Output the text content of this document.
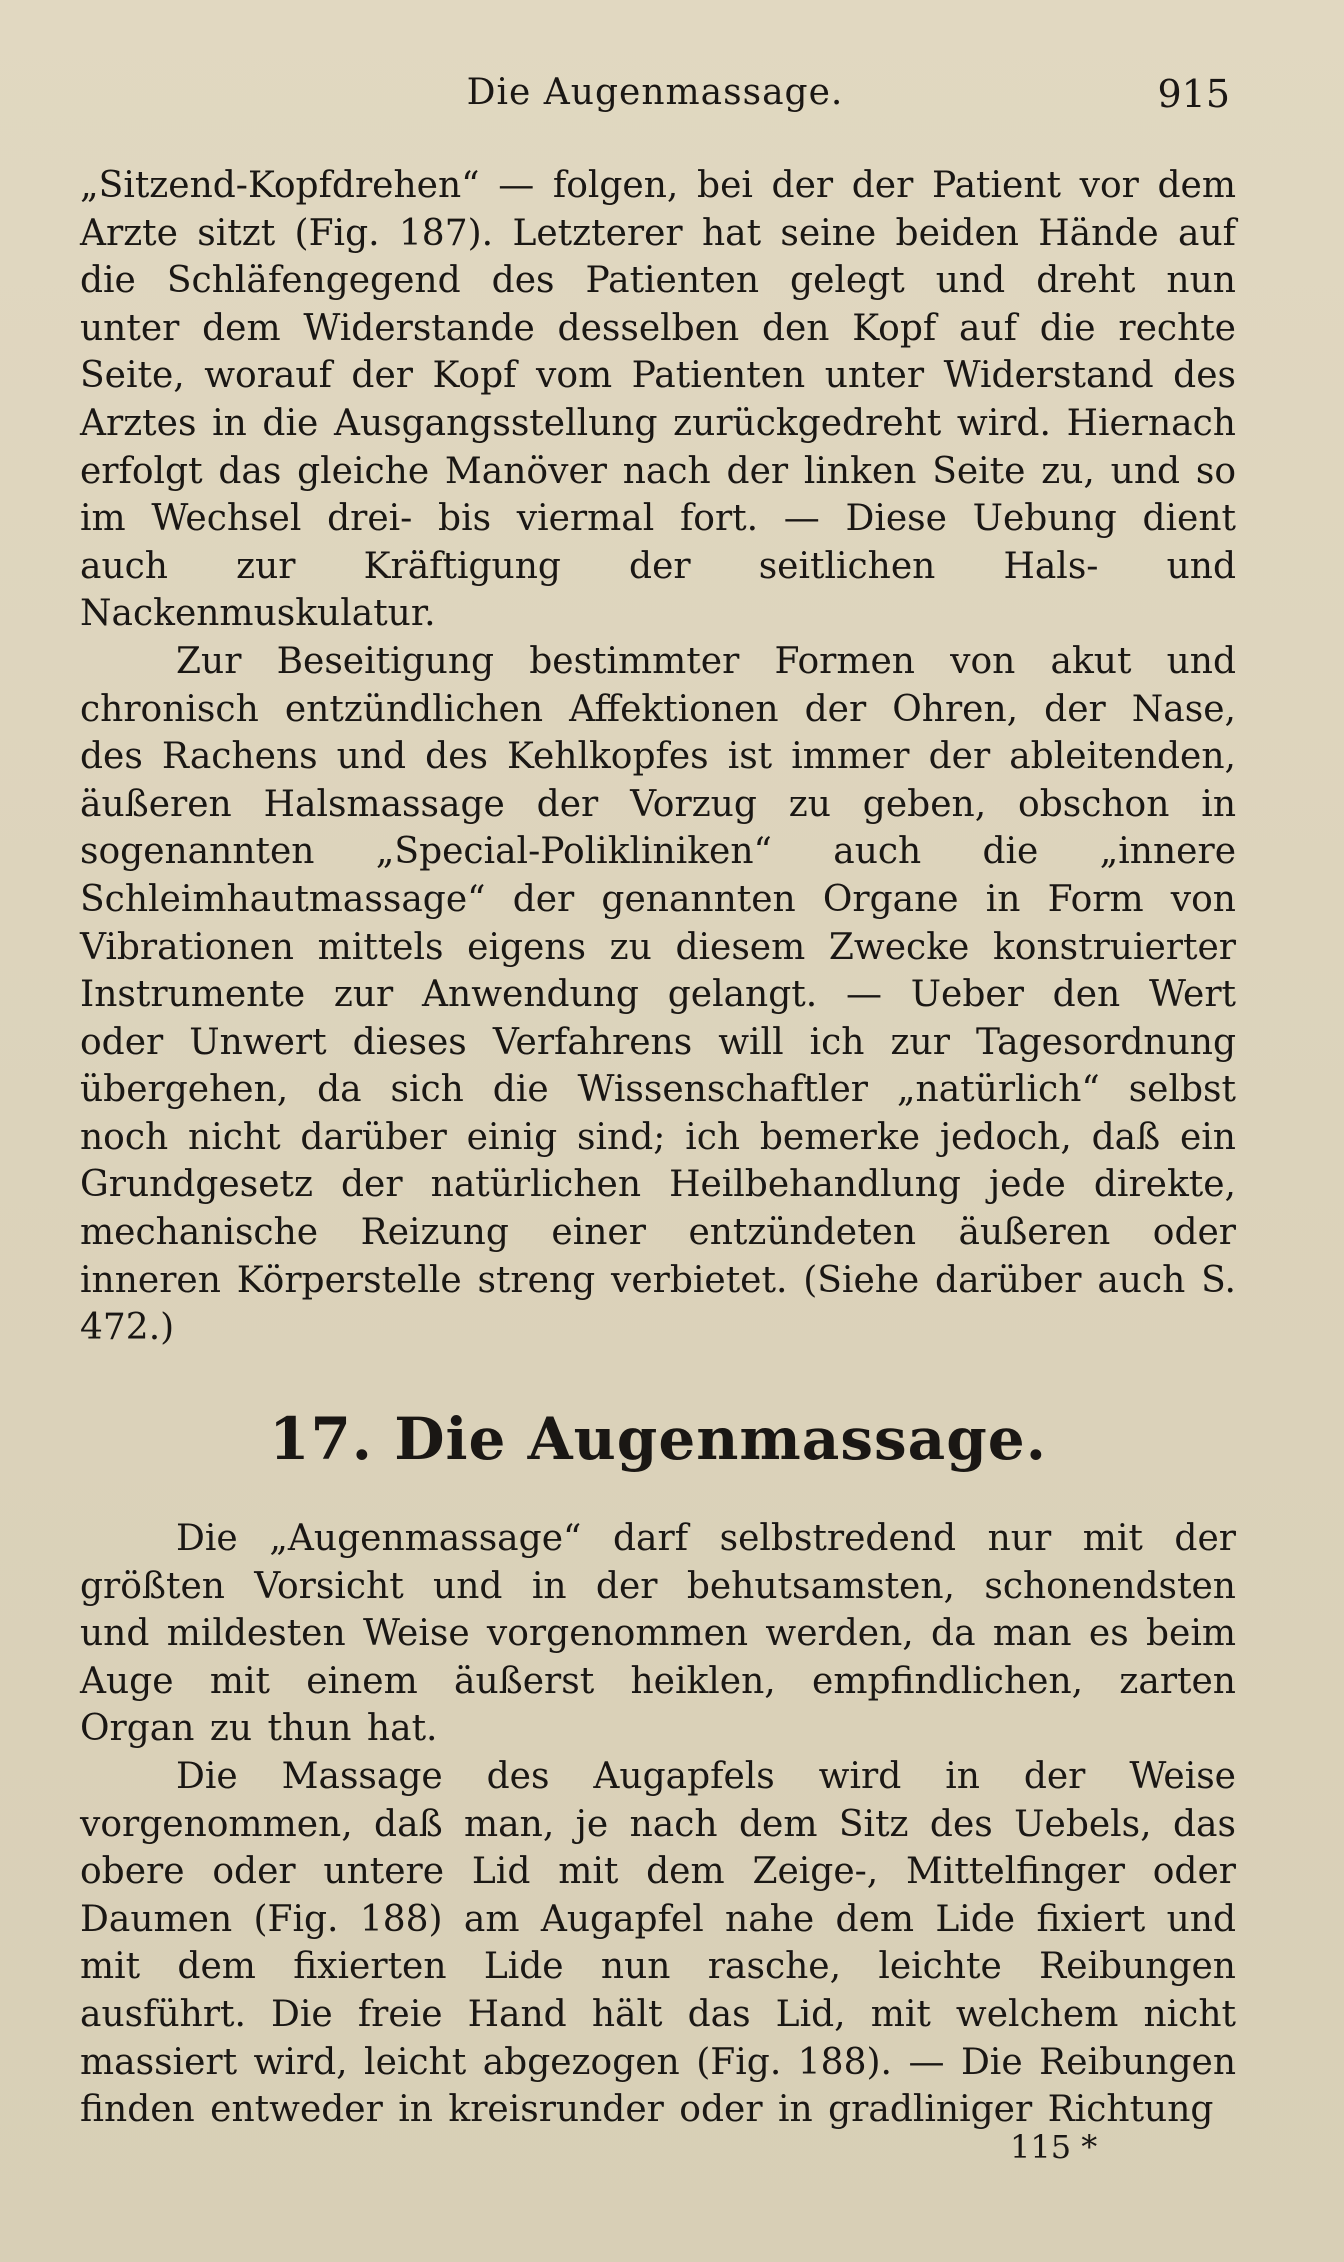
Die Augenmassage.	915

„Sitzend-Kopfdrehen“ — folgen, bei der der Patient vor dem Arzte sitzt (Fig. 187). Letzterer hat seine beiden Hände auf die Schläfengegend des Patienten gelegt und dreht nun unter dem Widerstande desselben den Kopf auf die rechte Seite, worauf der Kopf vom Patienten unter Widerstand des Arztes in die Ausgangsstellung zurückgedreht wird. Hiernach erfolgt das gleiche Manöver nach der linken Seite zu, und so im Wechsel drei- bis viermal fort. — Diese Uebung dient auch zur Kräftigung der seitlichen Hals- und Nackenmuskulatur.

Zur Beseitigung bestimmter Formen von akut und chronisch entzündlichen Affektionen der Ohren, der Nase, des Rachens und des Kehlkopfes ist immer der ableitenden, äußeren Halsmassage der Vorzug zu geben, obschon in sogenannten „Special-Polikliniken“ auch die „innere Schleimhautmassage“ der genannten Organe in Form von Vibrationen mittels eigens zu diesem Zwecke konstruierter Instrumente zur Anwendung gelangt. — Ueber den Wert oder Unwert dieses Verfahrens will ich zur Tagesordnung übergehen, da sich die Wissenschaftler „natürlich“ selbst noch nicht darüber einig sind; ich bemerke jedoch, daß ein Grundgesetz der natürlichen Heilbehandlung jede direkte, mechanische Reizung einer entzündeten äußeren oder inneren Körperstelle streng verbietet. (Siehe darüber auch S. 472.)

17. Die Augenmassage.

Die „Augenmassage“ darf selbstredend nur mit der größten Vorsicht und in der behutsamsten, schonendsten und mildesten Weise vorgenommen werden, da man es beim Auge mit einem äußerst heiklen, empfindlichen, zarten Organ zu thun hat.

Die Massage des Augapfels wird in der Weise vorgenommen, daß man, je nach dem Sitz des Uebels, das obere oder untere Lid mit dem Zeige-, Mittelfinger oder Daumen (Fig. 188) am Augapfel nahe dem Lide fixiert und mit dem fixierten Lide nun rasche, leichte Reibungen ausführt. Die freie Hand hält das Lid, mit welchem nicht massiert wird, leicht abgezogen (Fig. 188). — Die Reibungen finden entweder in kreisrunder oder in gradliniger Richtung

115 *
